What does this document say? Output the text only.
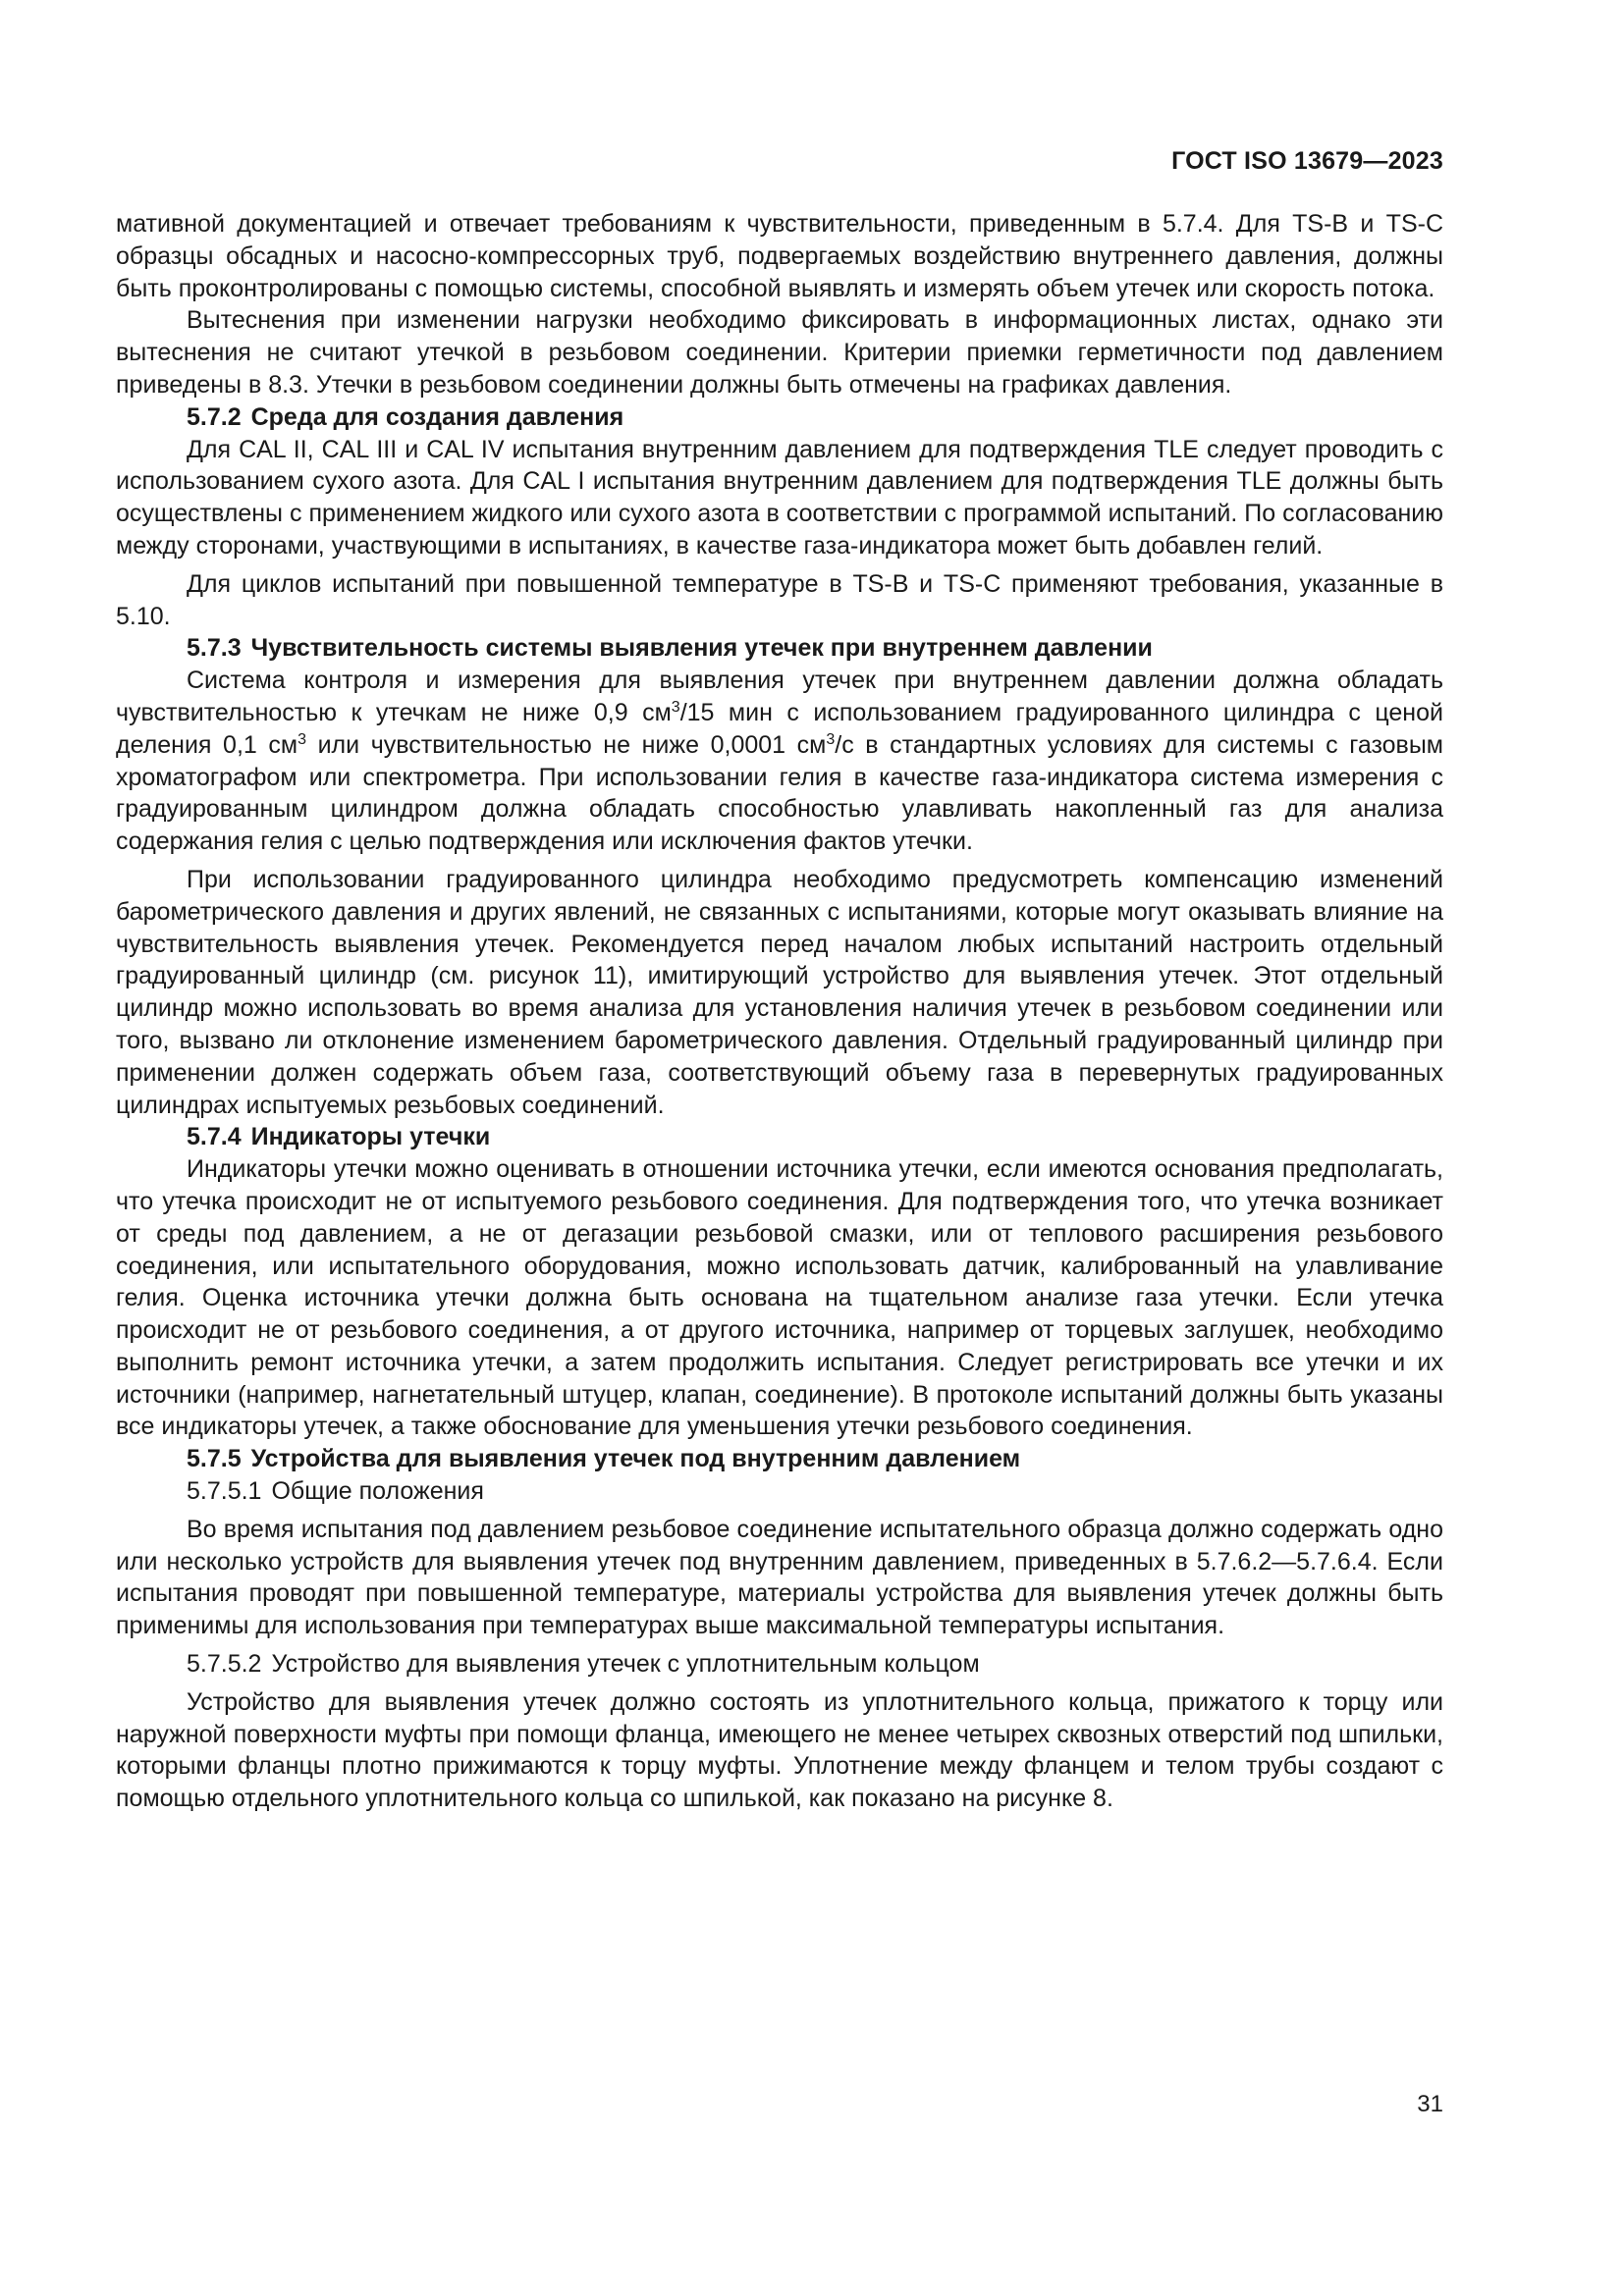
ГОСТ ISO 13679—2023

мативной документацией и отвечает требованиям к чувствительности, приведенным в 5.7.4. Для TS-B и TS-C образцы обсадных и насосно-компрессорных труб, подвергаемых воздействию внутреннего давления, должны быть проконтролированы с помощью системы, способной выявлять и измерять объем утечек или скорость потока.

Вытеснения при изменении нагрузки необходимо фиксировать в информационных листах, однако эти вытеснения не считают утечкой в резьбовом соединении. Критерии приемки герметичности под давлением приведены в 8.3. Утечки в резьбовом соединении должны быть отмечены на графиках давления.

5.7.2 Среда для создания давления

Для CAL II, CAL III и CAL IV испытания внутренним давлением для подтверждения TLE следует проводить с использованием сухого азота. Для CAL I испытания внутренним давлением для подтверждения TLE должны быть осуществлены с применением жидкого или сухого азота в соответствии с программой испытаний. По согласованию между сторонами, участвующими в испытаниях, в качестве газа-индикатора может быть добавлен гелий.

Для циклов испытаний при повышенной температуре в TS-B и TS-C применяют требования, указанные в 5.10.

5.7.3 Чувствительность системы выявления утечек при внутреннем давлении

Система контроля и измерения для выявления утечек при внутреннем давлении должна обладать чувствительностью к утечкам не ниже 0,9 $см^3/15$ мин с использованием градуированного цилиндра с ценой деления 0,1 $см^3$ или чувствительностью не ниже 0,0001 $см^3/с$ в стандартных условиях для системы с газовым хроматографом или спектрометра. При использовании гелия в качестве газа-индикатора система измерения с градуированным цилиндром должна обладать способностью улавливать накопленный газ для анализа содержания гелия с целью подтверждения или исключения фактов утечки.

При использовании градуированного цилиндра необходимо предусмотреть компенсацию изменений барометрического давления и других явлений, не связанных с испытаниями, которые могут оказывать влияние на чувствительность выявления утечек. Рекомендуется перед началом любых испытаний настроить отдельный градуированный цилиндр (см. рисунок 11), имитирующий устройство для выявления утечек. Этот отдельный цилиндр можно использовать во время анализа для установления наличия утечек в резьбовом соединении или того, вызвано ли отклонение изменением барометрического давления. Отдельный градуированный цилиндр при применении должен содержать объем газа, соответствующий объему газа в перевернутых градуированных цилиндрах испытуемых резьбовых соединений.

5.7.4 Индикаторы утечки

Индикаторы утечки можно оценивать в отношении источника утечки, если имеются основания предполагать, что утечка происходит не от испытуемого резьбового соединения. Для подтверждения того, что утечка возникает от среды под давлением, а не от дегазации резьбовой смазки, или от теплового расширения резьбового соединения, или испытательного оборудования, можно использовать датчик, калиброванный на улавливание гелия. Оценка источника утечки должна быть основана на тщательном анализе газа утечки. Если утечка происходит не от резьбового соединения, а от другого источника, например от торцевых заглушек, необходимо выполнить ремонт источника утечки, а затем продолжить испытания. Следует регистрировать все утечки и их источники (например, нагнетательный штуцер, клапан, соединение). В протоколе испытаний должны быть указаны все индикаторы утечек, а также обоснование для уменьшения утечки резьбового соединения.

5.7.5 Устройства для выявления утечек под внутренним давлением

5.7.5.1 Общие положения

Во время испытания под давлением резьбовое соединение испытательного образца должно содержать одно или несколько устройств для выявления утечек под внутренним давлением, приведенных в 5.7.6.2—5.7.6.4. Если испытания проводят при повышенной температуре, материалы устройства для выявления утечек должны быть применимы для использования при температурах выше максимальной температуры испытания.

5.7.5.2 Устройство для выявления утечек с уплотнительным кольцом

Устройство для выявления утечек должно состоять из уплотнительного кольца, прижатого к торцу или наружной поверхности муфты при помощи фланца, имеющего не менее четырех сквозных отверстий под шпильки, которыми фланцы плотно прижимаются к торцу муфты. Уплотнение между фланцем и телом трубы создают с помощью отдельного уплотнительного кольца со шпилькой, как показано на рисунке 8.

31
